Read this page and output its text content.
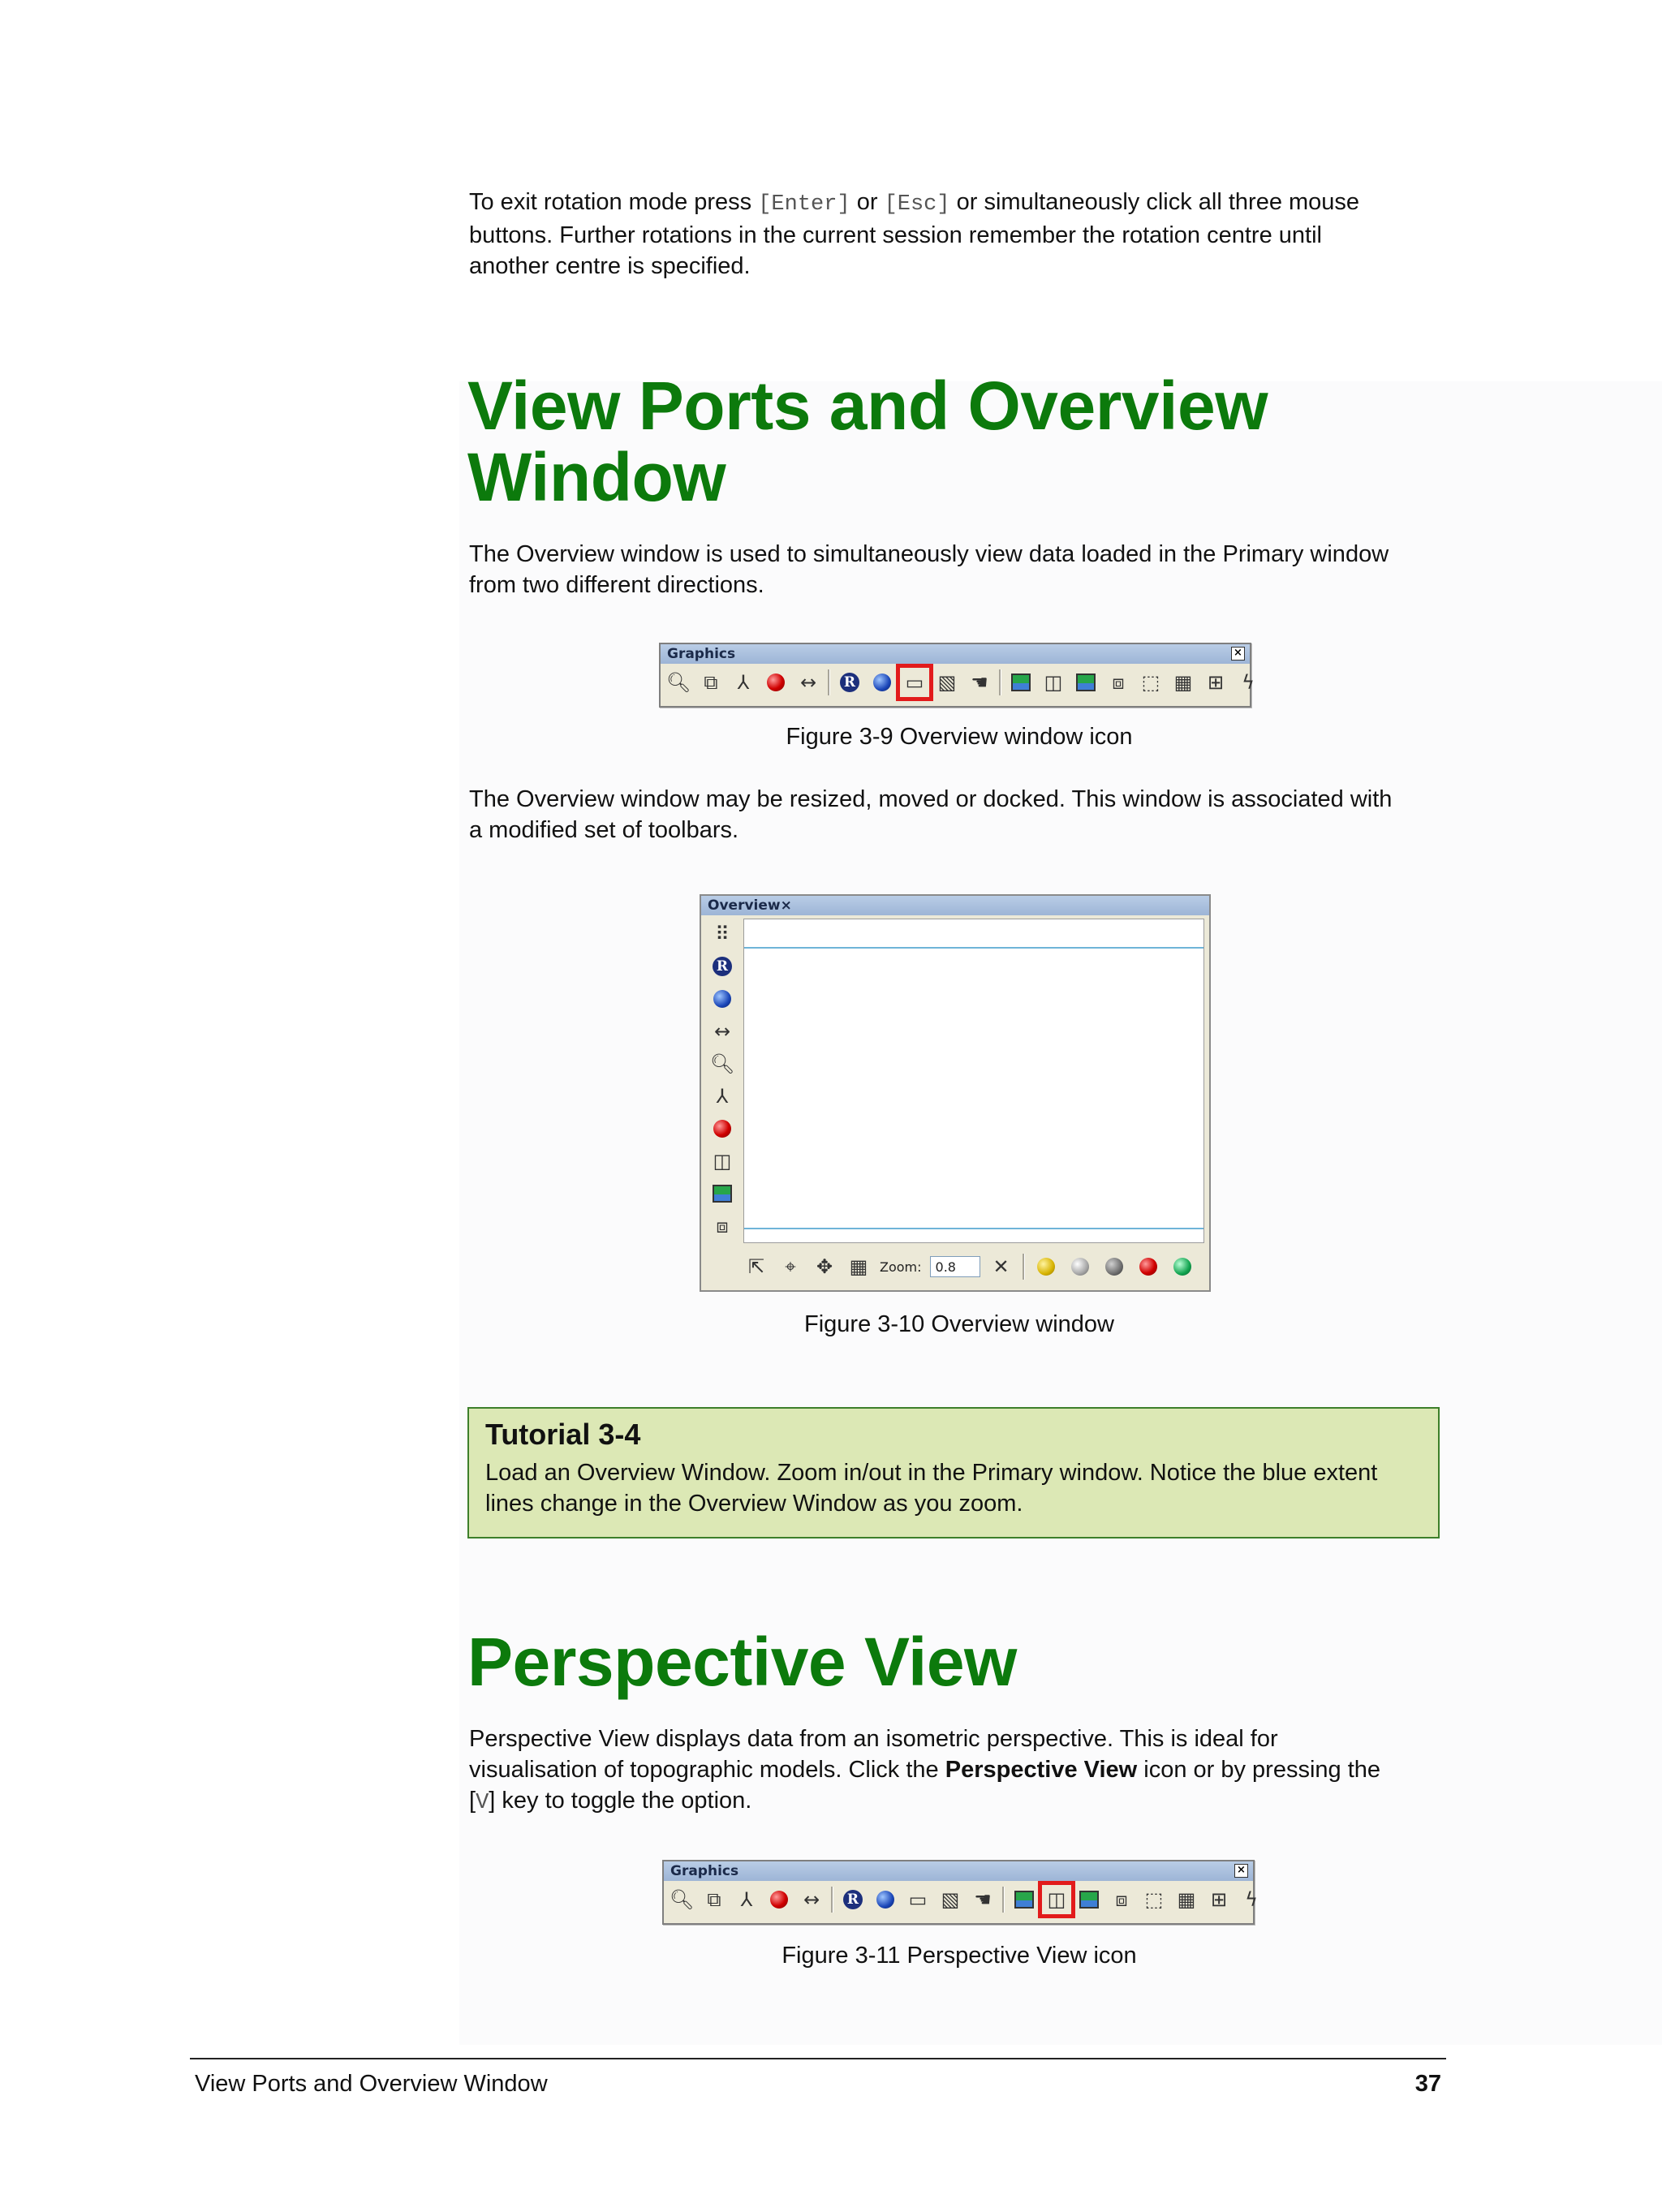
To exit rotation mode press [Enter] or [Esc] or simultaneously click all three mouse
buttons. Further rotations in the current session remember the rotation centre until
another centre is specified.

View Ports and Overview
Window

The Overview window is used to simultaneously view data loaded in the Primary window
from two different directions.

Graphics	×
🔍︎ ⧉	⅄	↔	R	▭ ▧ ☚	◫	⧈ ⬚ ▦ ⊞ ϟ

Figure 3-9 Overview window icon

The Overview window may be resized, moved or docked. This window is associated with
a modified set of toolbars.

Overview ×
⠿
R
↔
🔍︎
⅄
◫
⧈
⇱	⌖	✥ ▦ Zoom:	0.8	✕

Figure 3-10 Overview window

Tutorial 3-4

Load an Overview Window. Zoom in/out in the Primary window. Notice the blue extent
lines change in the Overview Window as you zoom.

Perspective View

Perspective View displays data from an isometric perspective. This is ideal for
visualisation of topographic models. Click the Perspective View icon or by pressing the
[V] key to toggle the option.

Graphics	×
🔍︎ ⧉	⅄	↔	R	▭ ▧ ☚	◫	⧈ ⬚ ▦ ⊞ ϟ

Figure 3-11 Perspective View icon

View Ports and Overview Window	37
